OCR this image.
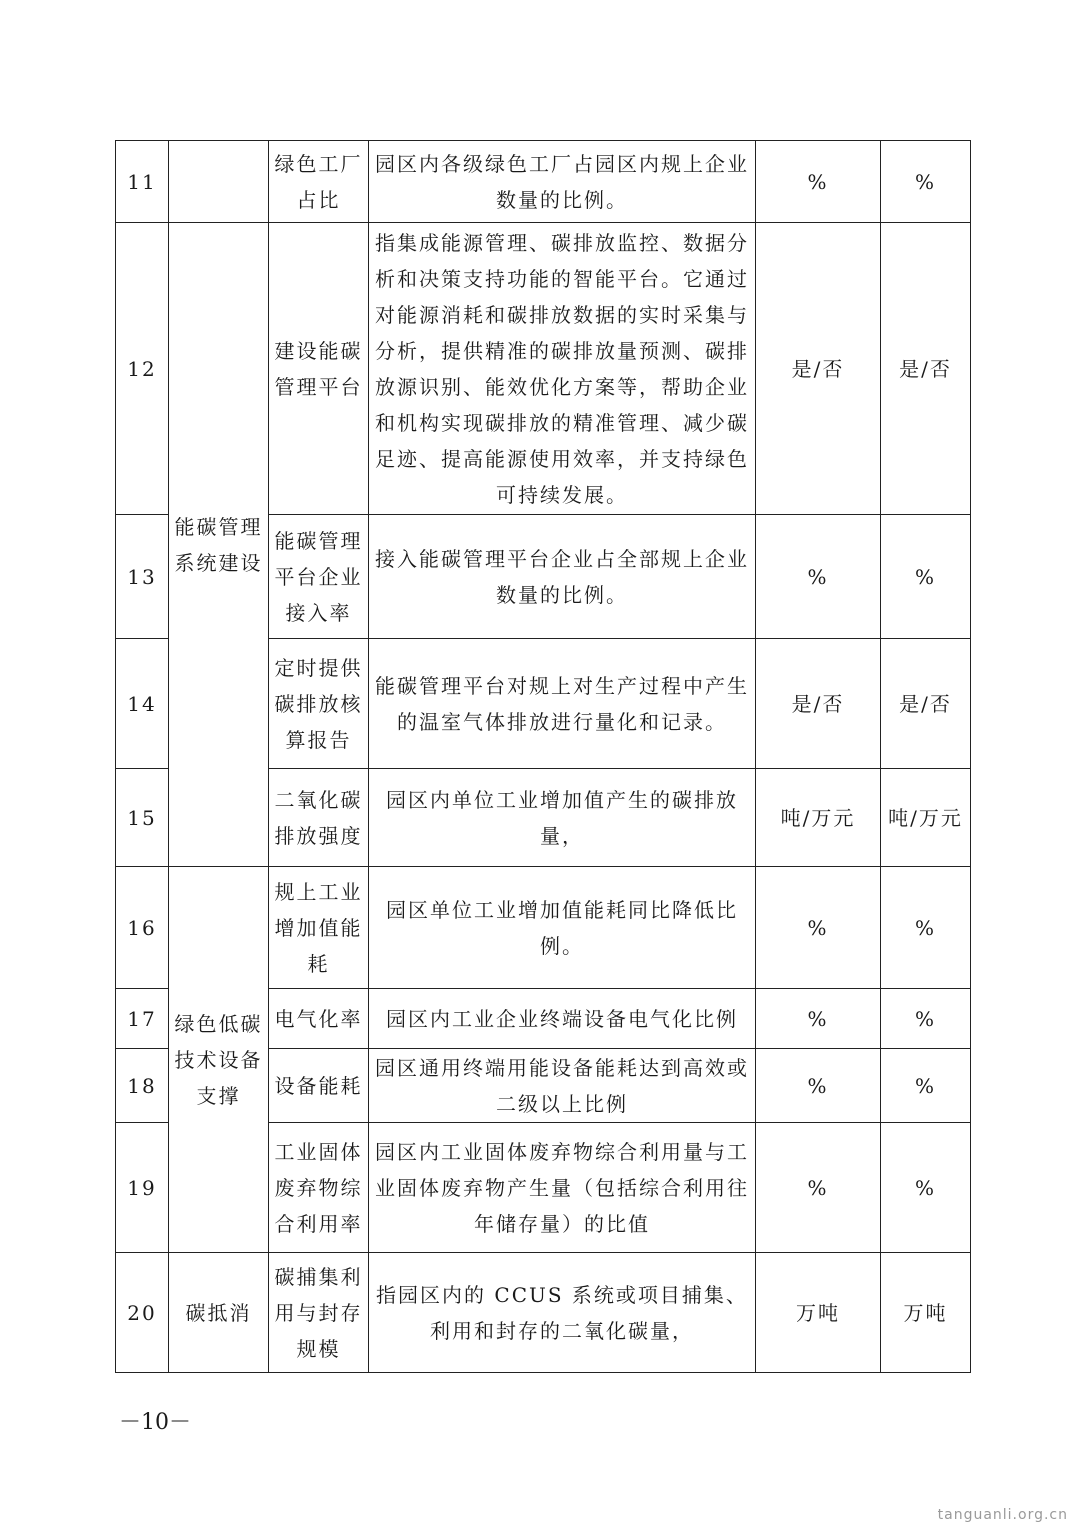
11		绿色工厂占比	园区内各级绿色工厂占园区内规上企业数量的比例。	%	%
12	能碳管理系统建设	建设能碳管理平台	指集成能源管理、碳排放监控、数据分析和决策支持功能的智能平台。它通过对能源消耗和碳排放数据的实时采集与分析，提供精准的碳排放量预测、碳排放源识别、能效优化方案等，帮助企业和机构实现碳排放的精准管理、减少碳足迹、提高能源使用效率，并支持绿色可持续发展。	是/否	是/否
13		能碳管理平台企业接入率	接入能碳管理平台企业占全部规上企业数量的比例。	%	%
14		定时提供碳排放核算报告	能碳管理平台对规上对生产过程中产生的温室气体排放进行量化和记录。	是/否	是/否
15		二氧化碳排放强度	园区内单位工业增加值产生的碳排放量，	吨/万元	吨/万元
16	绿色低碳技术设备支撑	规上工业增加值能耗	园区单位工业增加值能耗同比降低比例。	%	%
17		电气化率	园区内工业企业终端设备电气化比例	%	%
18		设备能耗	园区通用终端用能设备能耗达到高效或二级以上比例	%	%
19		工业固体废弃物综合利用率	园区内工业固体废弃物综合利用量与工业固体废弃物产生量（包括综合利用往年储存量）的比值	%	%
20	碳抵消	碳捕集利用与封存规模	指园区内的 CCUS 系统或项目捕集、利用和封存的二氧化碳量，	万吨	万吨
－10－
tanguanli.org.cn
